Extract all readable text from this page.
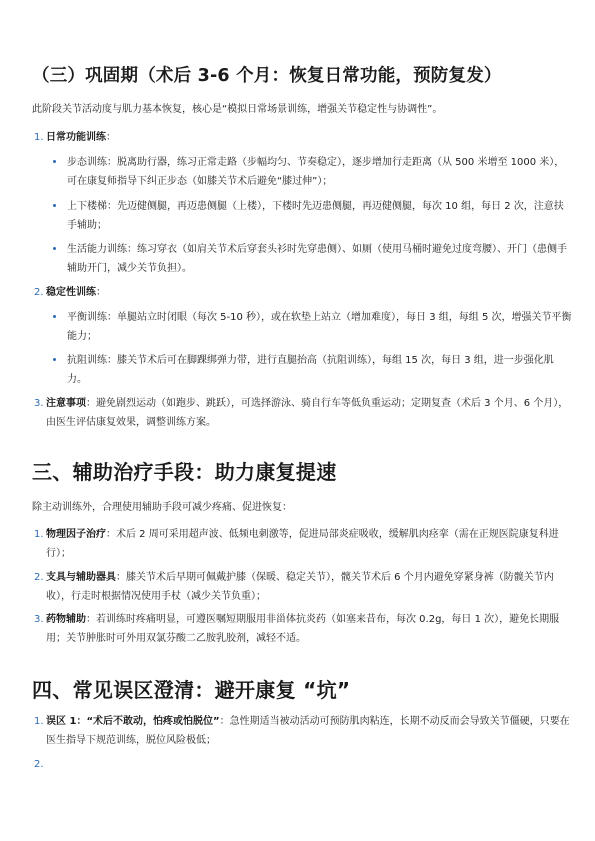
（三）巩固期（术后 3-6 个月：恢复日常功能，预防复发）
此阶段关节活动度与肌力基本恢复，核心是“模拟日常场景训练，增强关节稳定性与协调性”。
1. 日常功能训练：
步态训练：脱离助行器，练习正常走路（步幅均匀、节奏稳定），逐步增加行走距离（从 500 米增至 1000 米），可在康复师指导下纠正步态（如膝关节术后避免“膝过伸”）；
上下楼梯：先迈健侧腿，再迈患侧腿（上楼），下楼时先迈患侧腿，再迈健侧腿，每次 10 组，每日 2 次，注意扶手辅助；
生活能力训练：练习穿衣（如肩关节术后穿套头衫时先穿患侧）、如厕（使用马桶时避免过度弯腰）、开门（患侧手辅助开门，减少关节负担）。
2. 稳定性训练：
平衡训练：单腿站立时闭眼（每次 5-10 秒），或在软垫上站立（增加难度），每日 3 组，每组 5 次，增强关节平衡能力；
抗阻训练：膝关节术后可在脚踝绑弹力带，进行直腿抬高（抗阻训练），每组 15 次，每日 3 组，进一步强化肌力。
3. 注意事项：避免剧烈运动（如跑步、跳跃），可选择游泳、骑自行车等低负重运动；定期复查（术后 3 个月、6 个月），由医生评估康复效果，调整训练方案。
三、辅助治疗手段：助力康复提速
除主动训练外，合理使用辅助手段可减少疼痛、促进恢复：
1. 物理因子治疗：术后 2 周可采用超声波、低频电刺激等，促进局部炎症吸收，缓解肌肉痉挛（需在正规医院康复科进行）；
2. 支具与辅助器具：膝关节术后早期可佩戴护膝（保暖、稳定关节），髋关节术后 6 个月内避免穿紧身裤（防髋关节内收），行走时根据情况使用手杖（减少关节负重）；
3. 药物辅助：若训练时疼痛明显，可遵医嘱短期服用非甾体抗炎药（如塞来昔布，每次 0.2g，每日 1 次），避免长期服用；关节肿胀时可外用双氯芬酸二乙胺乳胶剂，减轻不适。
四、常见误区澄清：避开康复 “坑”
1. 误区 1：“术后不敢动，怕疼或怕脱位”：急性期适当被动活动可预防肌肉粘连，长期不动反而会导致关节僵硬，只要在医生指导下规范训练，脱位风险极低；
2.
